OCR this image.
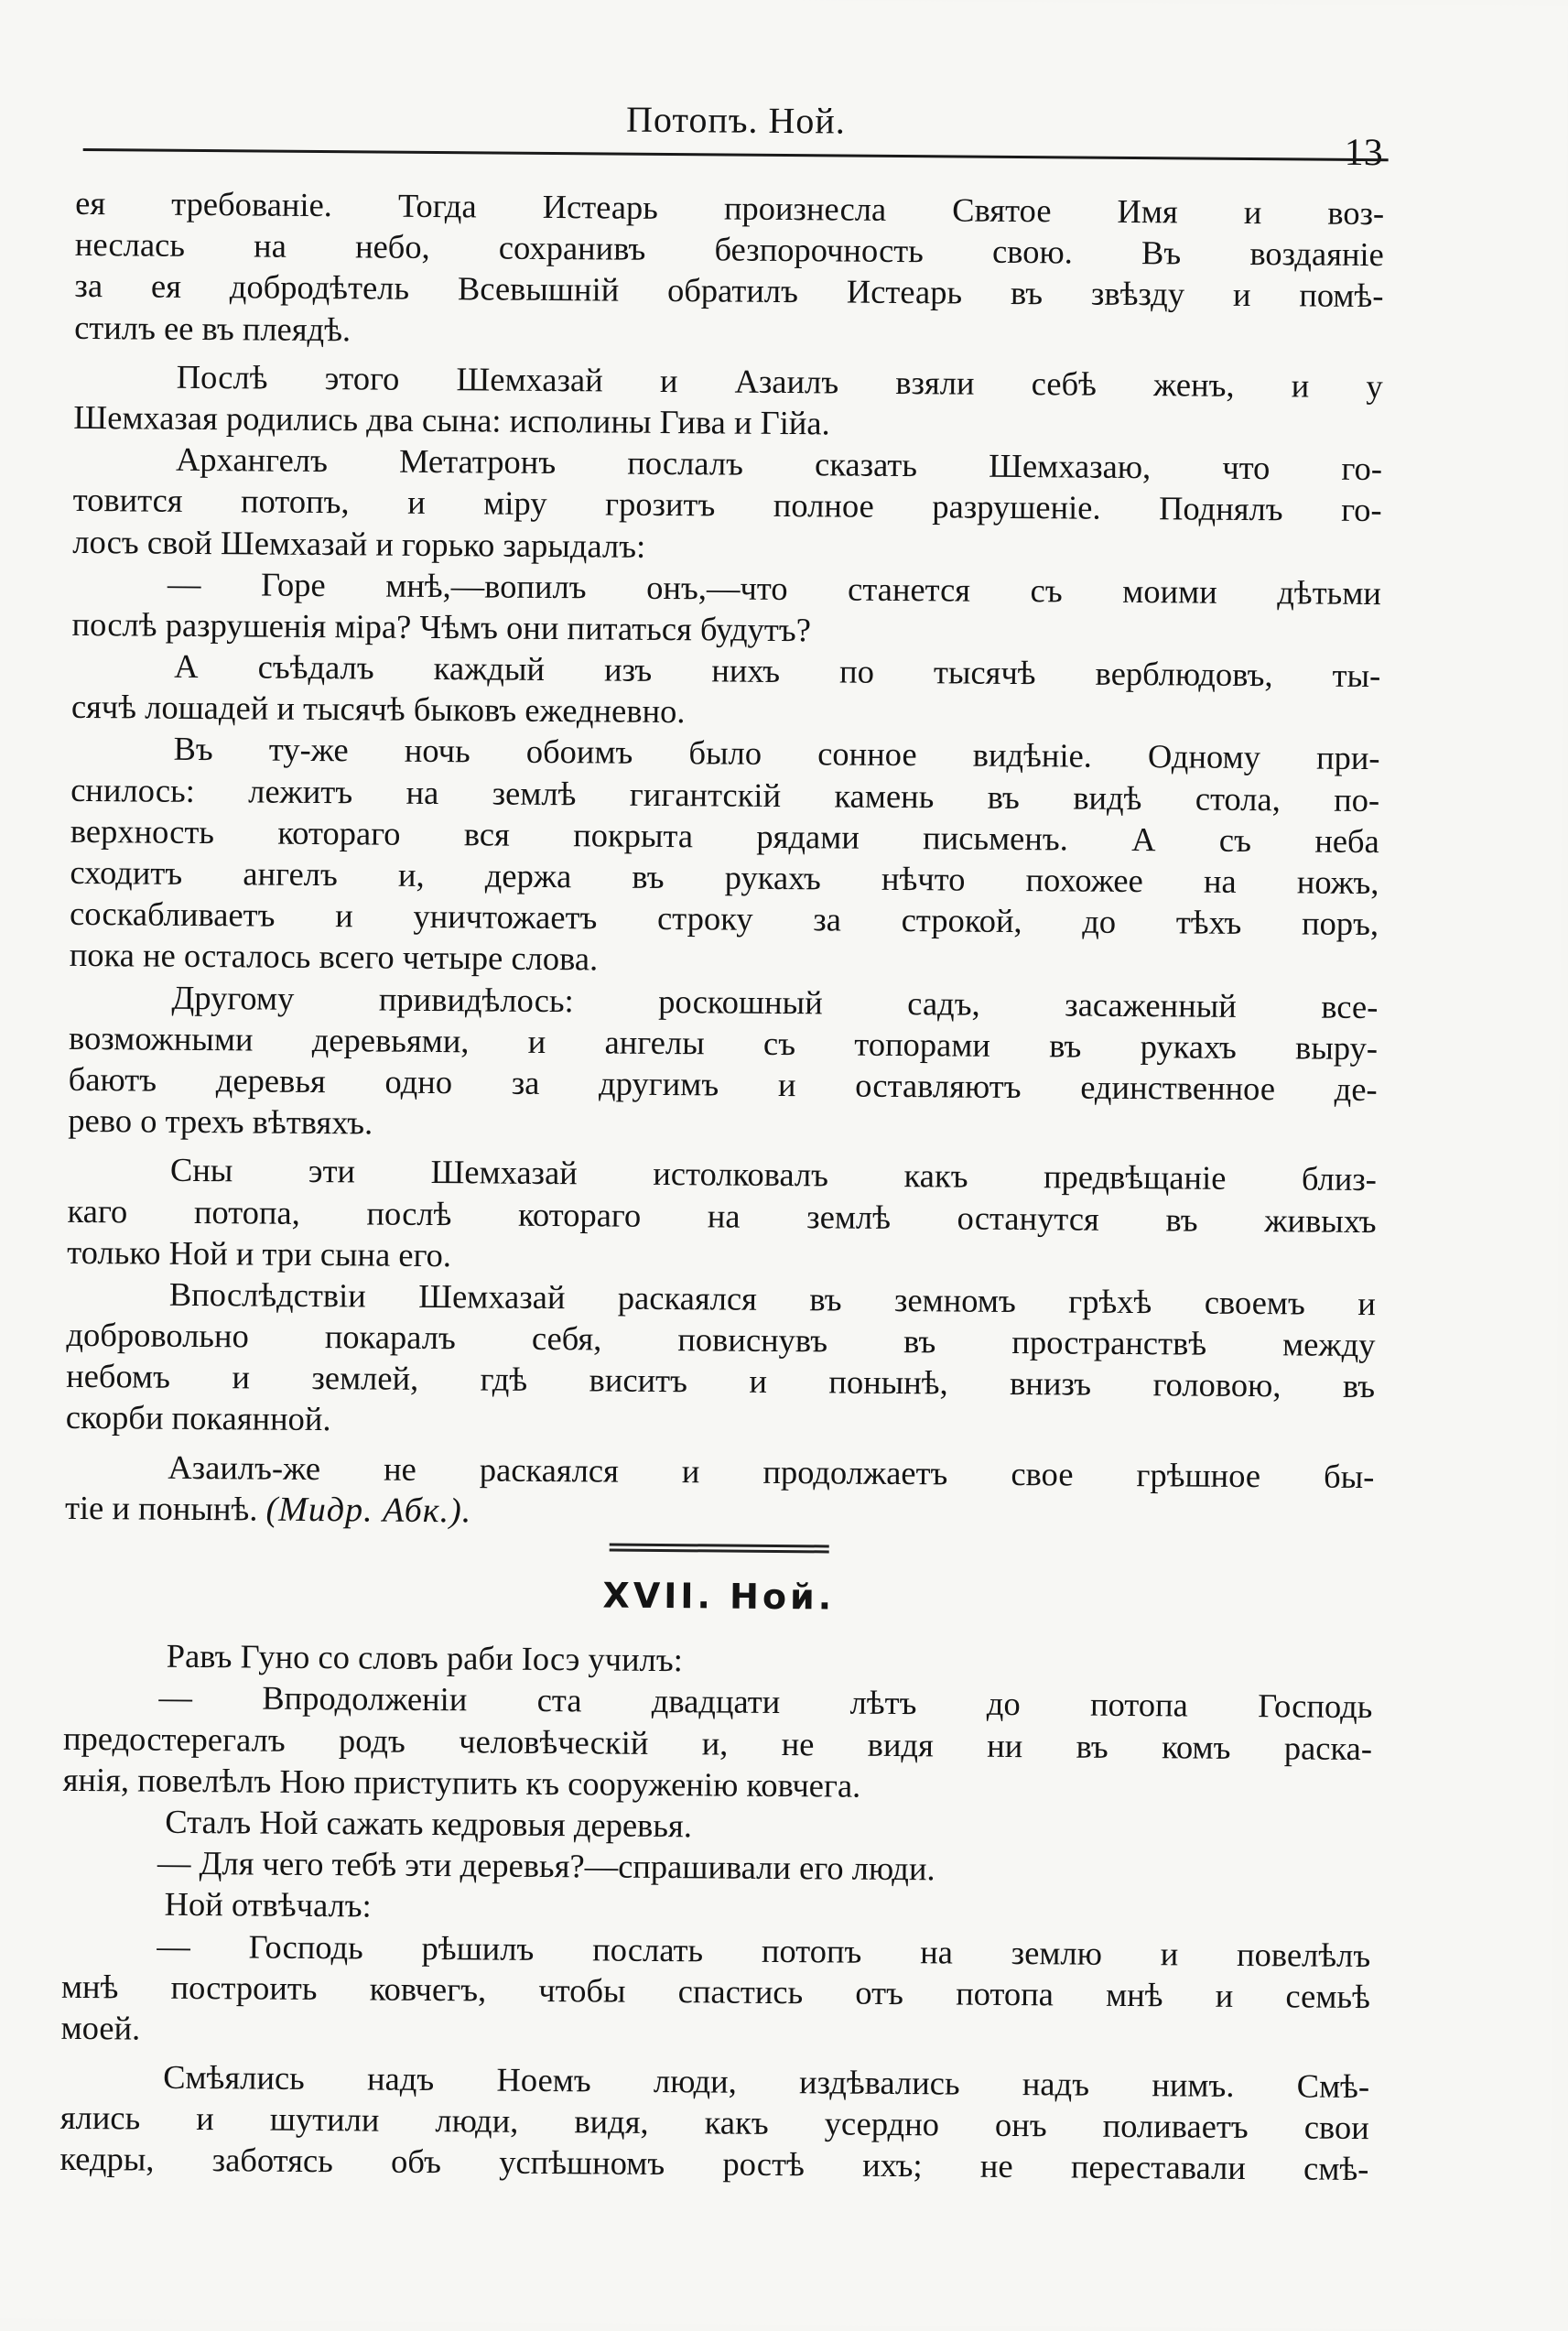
Потопъ. Ной.
13
ея требованіе. Тогда Истеарь произнесла Святое Имя и воз-
неслась на небо, сохранивъ безпорочность свою. Въ воздаяніе
за ея добродѣтель Всевышній обратилъ Истеарь въ звѣзду и помѣ-
стилъ ее въ плеядѣ.
Послѣ этого Шемхазай и Азаилъ взяли себѣ женъ, и у
Шемхазая родились два сына: исполины Гива и Гійа.
Архангелъ Метатронъ послалъ сказать Шемхазаю, что го-
товится потопъ, и міру грозитъ полное разрушеніе. Поднялъ го-
лосъ свой Шемхазай и горько зарыдалъ:
— Горе мнѣ,—вопилъ онъ,—что станется съ моими дѣтьми
послѣ разрушенія міра? Чѣмъ они питаться будутъ?
А съѣдалъ каждый изъ нихъ по тысячѣ верблюдовъ, ты-
сячѣ лошадей и тысячѣ быковъ ежедневно.
Въ ту-же ночь обоимъ было сонное видѣніе. Одному при-
снилось: лежитъ на землѣ гигантскій камень въ видѣ стола, по-
верхность котораго вся покрыта рядами письменъ. А съ неба
сходитъ ангелъ и, держа въ рукахъ нѣчто похожее на ножъ,
соскабливаетъ и уничтожаетъ строку за строкой, до тѣхъ поръ,
пока не осталось всего четыре слова.
Другому привидѣлось: роскошный садъ, засаженный все-
возможными деревьями, и ангелы съ топорами въ рукахъ выру-
баютъ деревья одно за другимъ и оставляютъ единственное де-
рево о трехъ вѣтвяхъ.
Сны эти Шемхазай истолковалъ какъ предвѣщаніе близ-
каго потопа, послѣ котораго на землѣ останутся въ живыхъ
только Ной и три сына его.
Впослѣдствіи Шемхазай раскаялся въ земномъ грѣхѣ своемъ и
добровольно покаралъ себя, повиснувъ въ пространствѣ между
небомъ и землей, гдѣ виситъ и понынѣ, внизъ головою, въ
скорби покаянной.
Азаилъ-же не раскаялся и продолжаетъ свое грѣшное бы-
тіе и понынѣ. (Мидр. Абк.).
XVII. Ной.
Равъ Гуно со словъ раби Іосэ училъ:
— Впродолженіи ста двадцати лѣтъ до потопа Господь
предостерегалъ родъ человѣческій и, не видя ни въ комъ раска-
янія, повелѣлъ Ною приступить къ сооруженію ковчега.
Сталъ Ной сажать кедровыя деревья.
— Для чего тебѣ эти деревья?—спрашивали его люди.
Ной отвѣчалъ:
— Господь рѣшилъ послать потопъ на землю и повелѣлъ
мнѣ построить ковчегъ, чтобы спастись отъ потопа мнѣ и семьѣ
моей.
Смѣялись надъ Ноемъ люди, издѣвались надъ нимъ. Смѣ-
ялись и шутили люди, видя, какъ усердно онъ поливаетъ свои
кедры, заботясь объ успѣшномъ ростѣ ихъ; не переставали смѣ-
